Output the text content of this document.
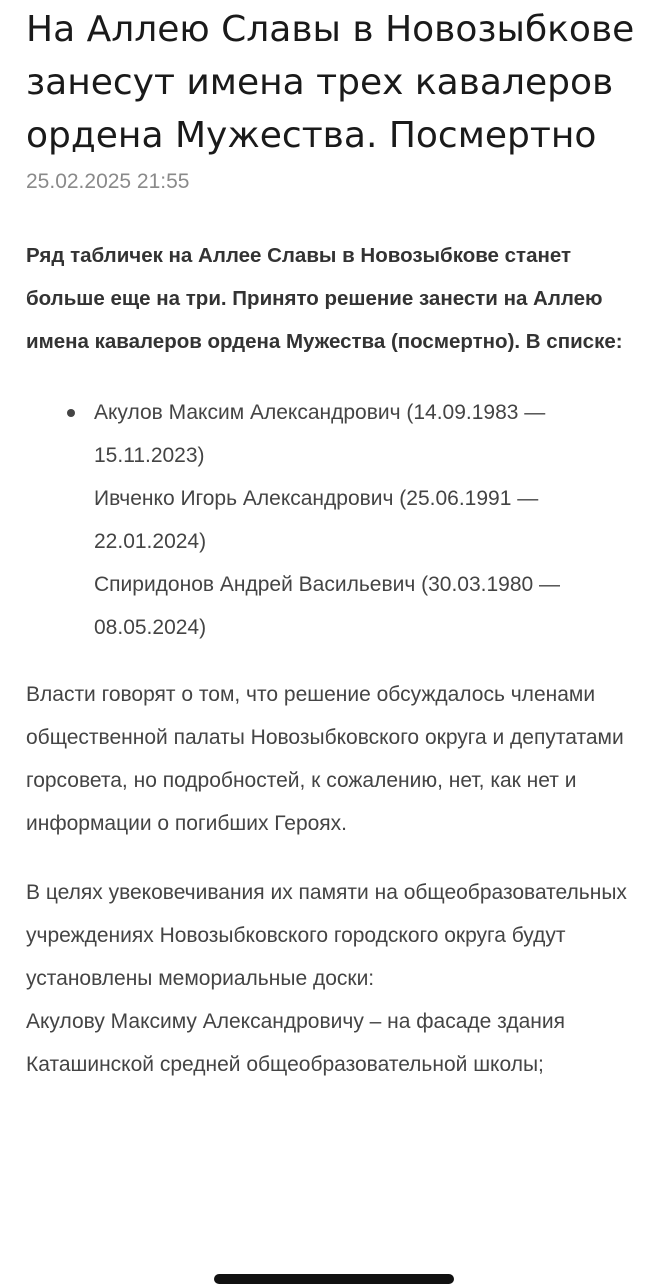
На Аллею Славы в Новозыбкове занесут имена трех кавалеров ордена Мужества. Посмертно
25.02.2025 21:55

Ряд табличек на Аллее Славы в Новозыбкове станет больше еще на три. Принято решение занести на Аллею имена кавалеров ордена Мужества (посмертно). В списке:

Акулов Максим Александрович (14.09.1983 — 15.11.2023)
Ивченко Игорь Александрович (25.06.1991 — 22.01.2024)
Спиридонов Андрей Васильевич (30.03.1980 — 08.05.2024)

Власти говорят о том, что решение обсуждалось членами общественной палаты Новозыбковского округа и депутатами горсовета, но подробностей, к сожалению, нет, как нет и информации о погибших Героях.

В целях увековечивания их памяти на общеобразовательных учреждениях Новозыбковского городского округа будут установлены мемориальные доски:
Акулову Максиму Александровичу – на фасаде здания Каташинской средней общеобразовательной школы;
